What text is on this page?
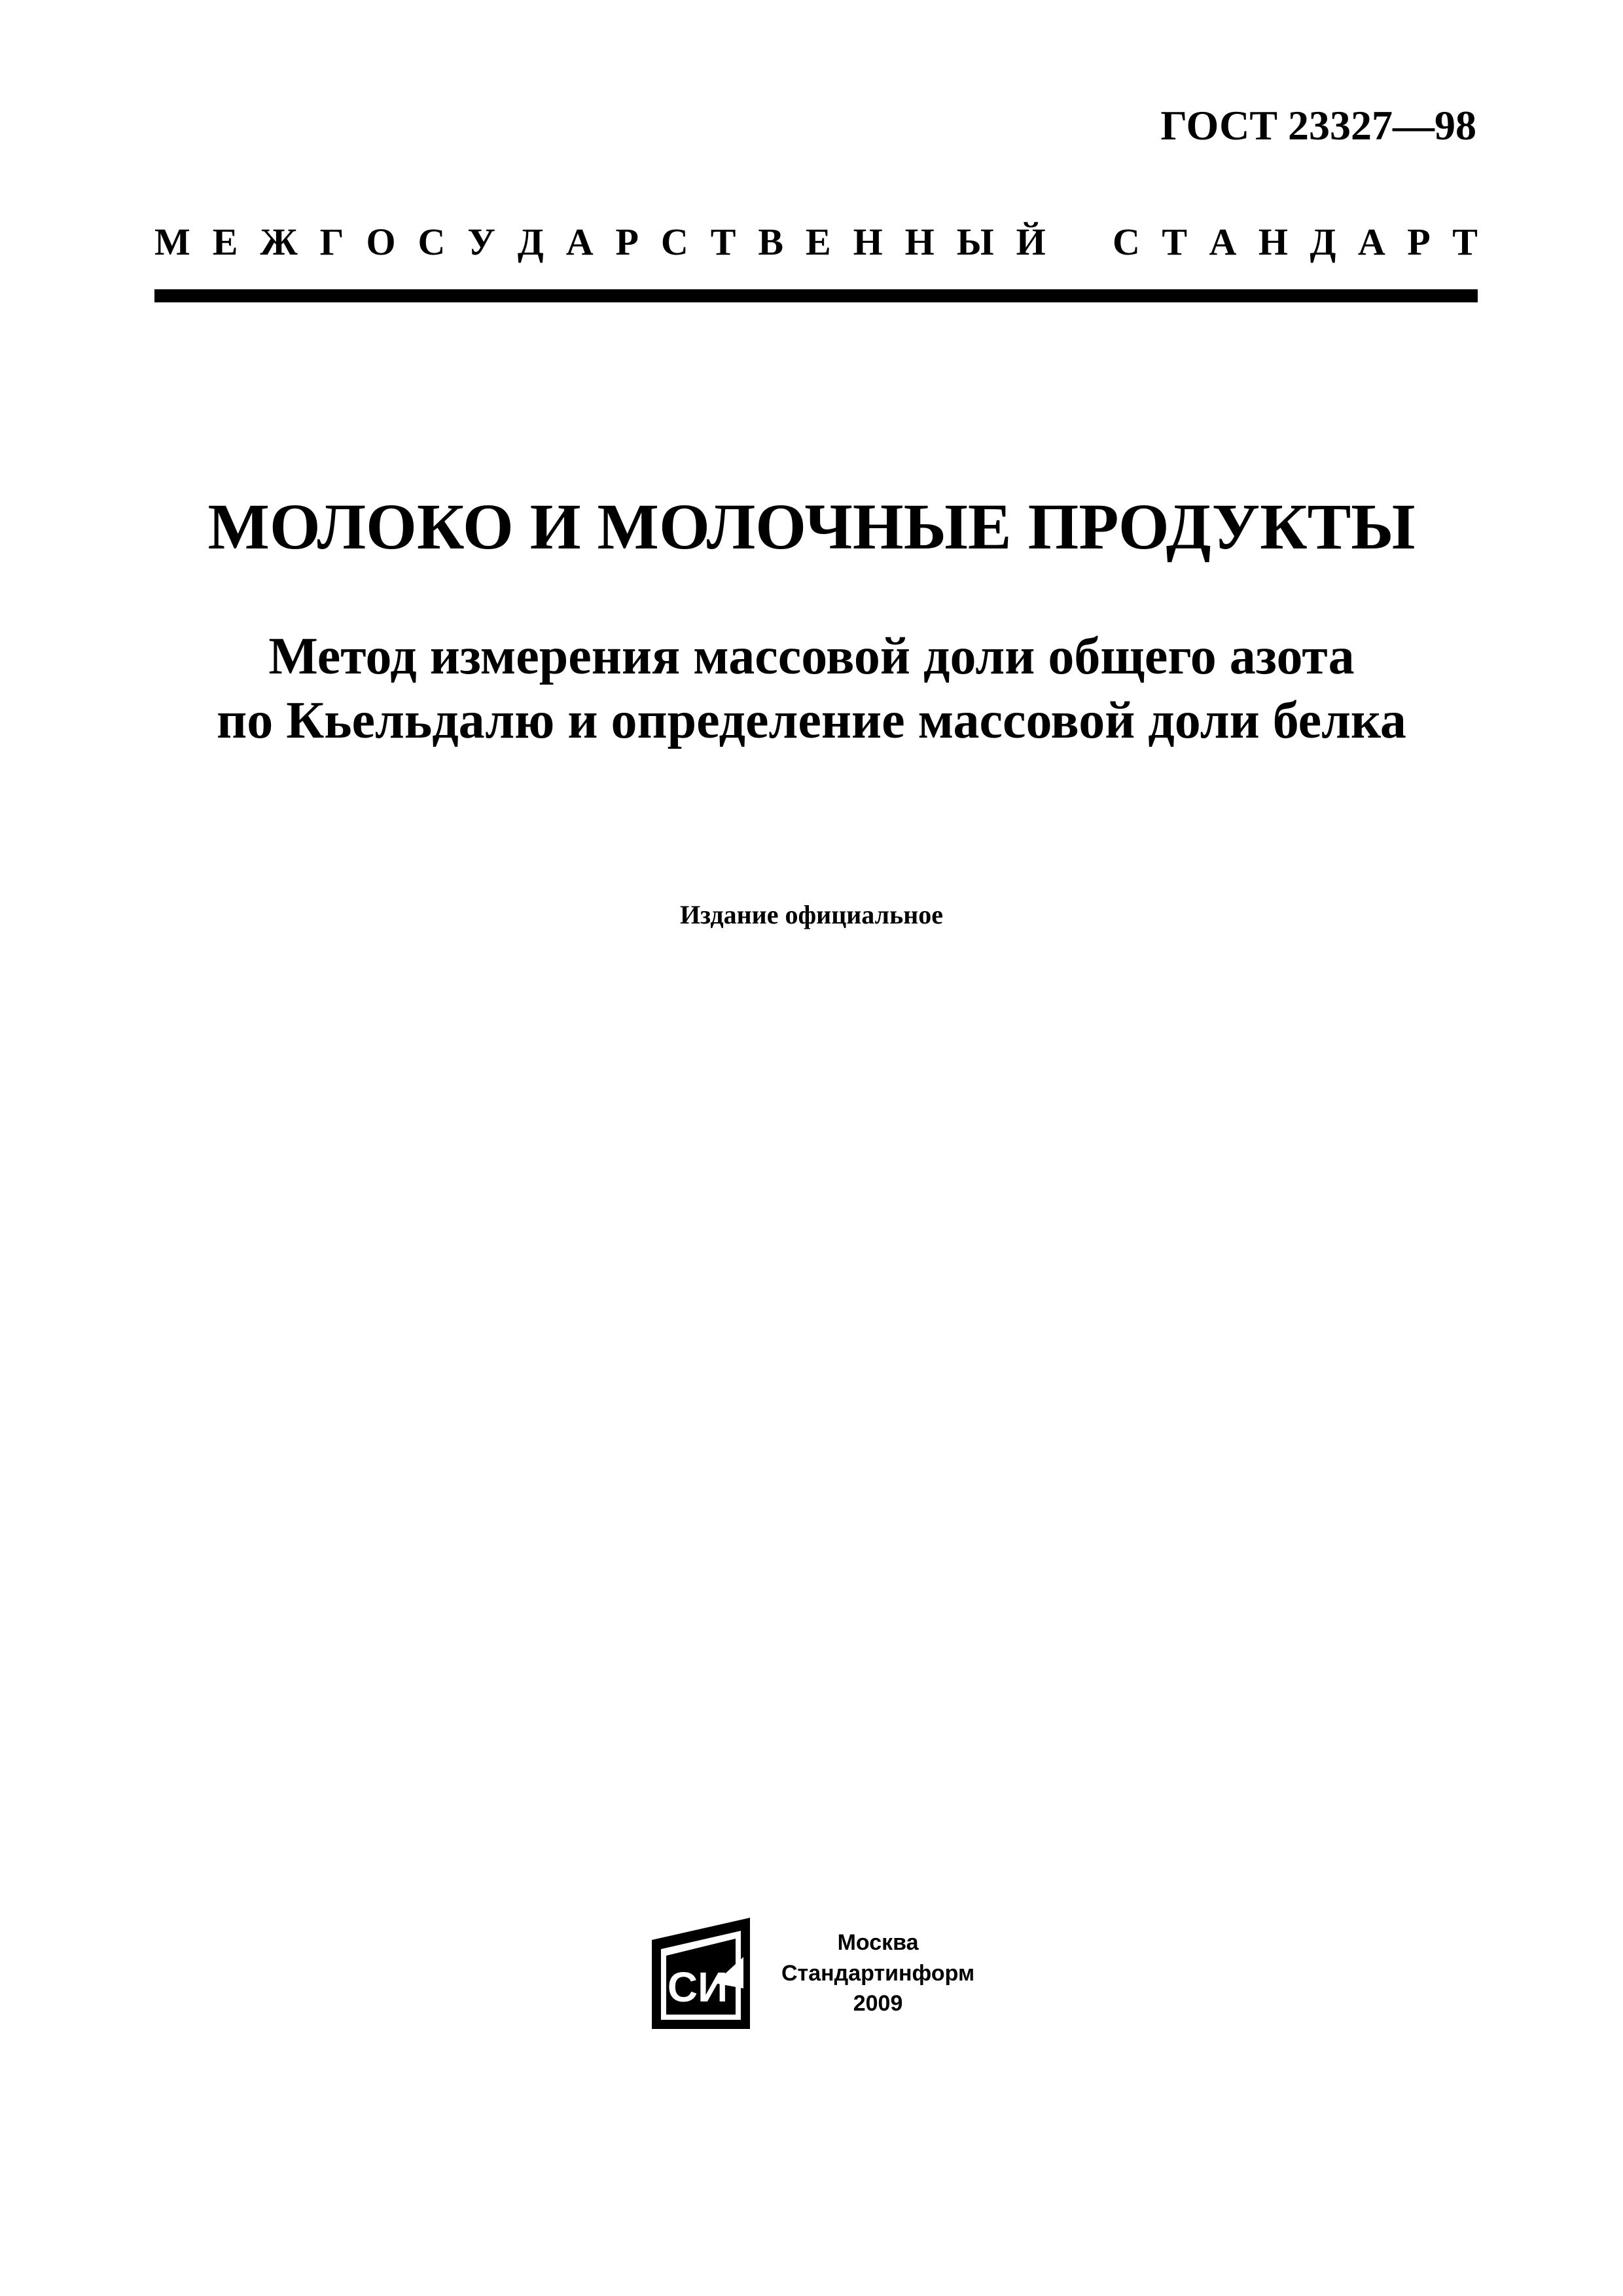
ГОСТ 23327—98
М Е Ж Г О С У Д А Р С Т В Е Н Н Ы Й С Т А Н Д А Р Т
МОЛОКО И МОЛОЧНЫЕ ПРОДУКТЫ
Метод измерения массовой доли общего азота
по Кьельдалю и определение массовой доли белка
Издание официальное
СИ
Москва
Стандартинформ
2009
